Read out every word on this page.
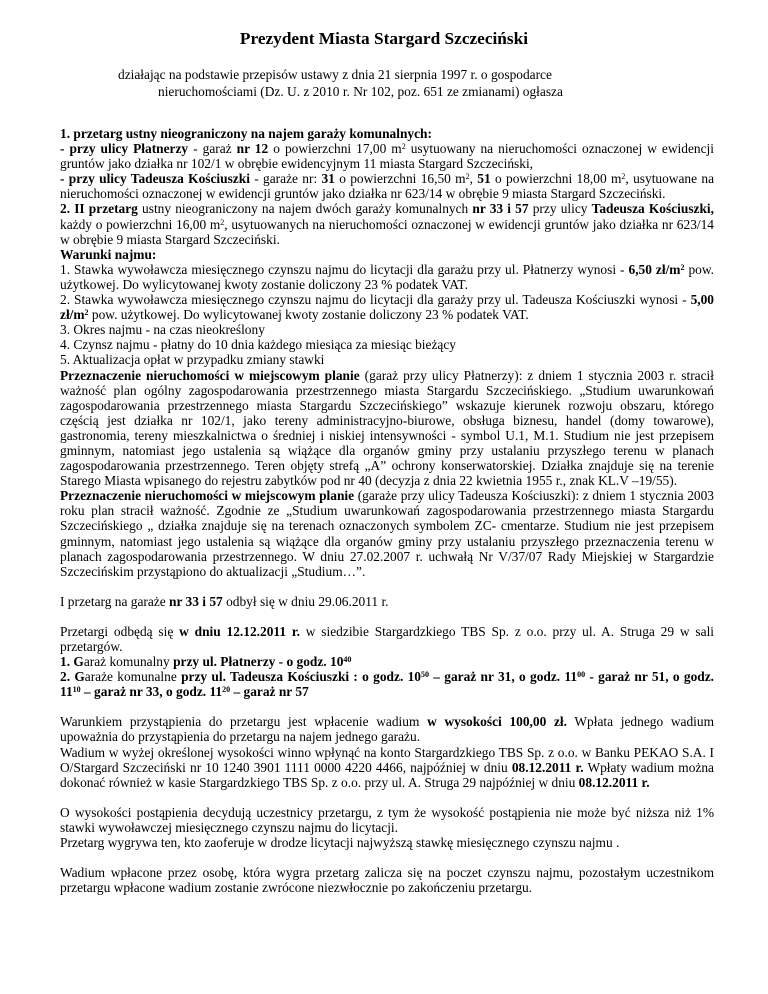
Prezydent Miasta Stargard Szczeciński
działając na podstawie przepisów ustawy z dnia 21 sierpnia 1997 r. o gospodarce
nieruchomościami (Dz. U. z 2010 r. Nr 102, poz. 651 ze zmianami) ogłasza

1. przetarg ustny nieograniczony na najem garaży komunalnych:
- przy ulicy Płatnerzy - garaż nr 12 o powierzchni 17,00 $m^2$ usytuowany na nieruchomości oznaczonej w ewidencji gruntów jako działka nr 102/1 w obrębie ewidencyjnym 11 miasta Stargard Szczeciński,
- przy ulicy Tadeusza Kościuszki - garaże nr: 31 o powierzchni 16,50 $m^2$, 51 o powierzchni 18,00 $m^2$, usytuowane na nieruchomości oznaczonej w ewidencji gruntów jako działka nr 623/14 w obrębie 9 miasta Stargard Szczeciński.

2. II przetarg ustny nieograniczony na najem dwóch garaży komunalnych nr 33 i 57 przy ulicy Tadeusza Kościuszki, każdy o powierzchni 16,00 $m^2$, usytuowanych na nieruchomości oznaczonej w ewidencji gruntów jako działka nr 623/14 w obrębie 9 miasta Stargard Szczeciński.

Warunki najmu:
1. Stawka wywoławcza miesięcznego czynszu najmu do licytacji dla garażu przy ul. Płatnerzy wynosi - 6,50 $zł/m^2$ pow. użytkowej. Do wylicytowanej kwoty zostanie doliczony 23 % podatek VAT.
2. Stawka wywoławcza miesięcznego czynszu najmu do licytacji dla garaży przy ul. Tadeusza Kościuszki wynosi - 5,00 $zł/m^2$ pow. użytkowej. Do wylicytowanej kwoty zostanie doliczony 23 % podatek VAT.
3. Okres najmu - na czas nieokreślony
4. Czynsz najmu - płatny do 10 dnia każdego miesiąca za miesiąc bieżący
5. Aktualizacja opłat w przypadku zmiany stawki

Przeznaczenie nieruchomości w miejscowym planie (garaż przy ulicy Płatnerzy): z dniem 1 stycznia 2003 r. stracił ważność plan ogólny zagospodarowania przestrzennego miasta Stargardu Szczecińskiego. „Studium uwarunkowań zagospodarowania przestrzennego miasta Stargardu Szczecińskiego” wskazuje kierunek rozwoju obszaru, którego częścią jest działka nr 102/1, jako tereny administracyjno-biurowe, obsługa biznesu, handel (domy towarowe), gastronomia, tereny mieszkalnictwa o średniej i niskiej intensywności - symbol U.1, M.1. Studium nie jest przepisem gminnym, natomiast jego ustalenia są wiążące dla organów gminy przy ustalaniu przyszłego terenu w planach zagospodarowania przestrzennego. Teren objęty strefą „A” ochrony konserwatorskiej. Działka znajduje się na terenie Starego Miasta wpisanego do rejestru zabytków pod nr 40 (decyzja z dnia 22 kwietnia 1955 r., znak KL.V –19/55).

Przeznaczenie nieruchomości w miejscowym planie (garaże przy ulicy Tadeusza Kościuszki): z dniem 1 stycznia 2003 roku plan stracił ważność. Zgodnie ze „Studium uwarunkowań zagospodarowania przestrzennego miasta Stargardu Szczecińskiego „ działka znajduje się na terenach oznaczonych symbolem ZC- cmentarze. Studium nie jest przepisem gminnym, natomiast jego ustalenia są wiążące dla organów gminy przy ustalaniu przyszłego przeznaczenia terenu w planach zagospodarowania przestrzennego. W dniu 27.02.2007 r. uchwałą Nr V/37/07 Rady Miejskiej w Stargardzie Szczecińskim przystąpiono do aktualizacji „Studium…”.

I przetarg na garaże nr 33 i 57 odbył się w dniu 29.06.2011 r.

Przetargi odbędą się w dniu 12.12.2011 r. w siedzibie Stargardzkiego TBS Sp. z o.o. przy ul. A. Struga 29 w sali przetargów.
1. Garaż komunalny przy ul. Płatnerzy - o godz. $10^{40}$
2. Garaże komunalne przy ul. Tadeusza Kościuszki : o godz. $10^{50}$ – garaż nr 31, o godz. $11^{00}$ - garaż nr 51, o godz. $11^{10}$ – garaż nr 33, o godz. $11^{20}$ – garaż nr 57

Warunkiem przystąpienia do przetargu jest wpłacenie wadium w wysokości 100,00 zł. Wpłata jednego wadium upoważnia do przystąpienia do przetargu na najem jednego garażu.
Wadium w wyżej określonej wysokości winno wpłynąć na konto Stargardzkiego TBS Sp. z o.o. w Banku PEKAO S.A. I O/Stargard Szczeciński nr 10 1240 3901 1111 0000 4220 4466, najpóźniej w dniu 08.12.2011 r. Wpłaty wadium można dokonać również w kasie Stargardzkiego TBS Sp. z o.o. przy ul. A. Struga 29 najpóźniej w dniu 08.12.2011 r.

O wysokości postąpienia decydują uczestnicy przetargu, z tym że wysokość postąpienia nie może być niższa niż 1% stawki wywoławczej miesięcznego czynszu najmu do licytacji.
Przetarg wygrywa ten, kto zaoferuje w drodze licytacji najwyższą stawkę miesięcznego czynszu najmu .

Wadium wpłacone przez osobę, która wygra przetarg zalicza się na poczet czynszu najmu, pozostałym uczestnikom przetargu wpłacone wadium zostanie zwrócone niezwłocznie po zakończeniu przetargu.
